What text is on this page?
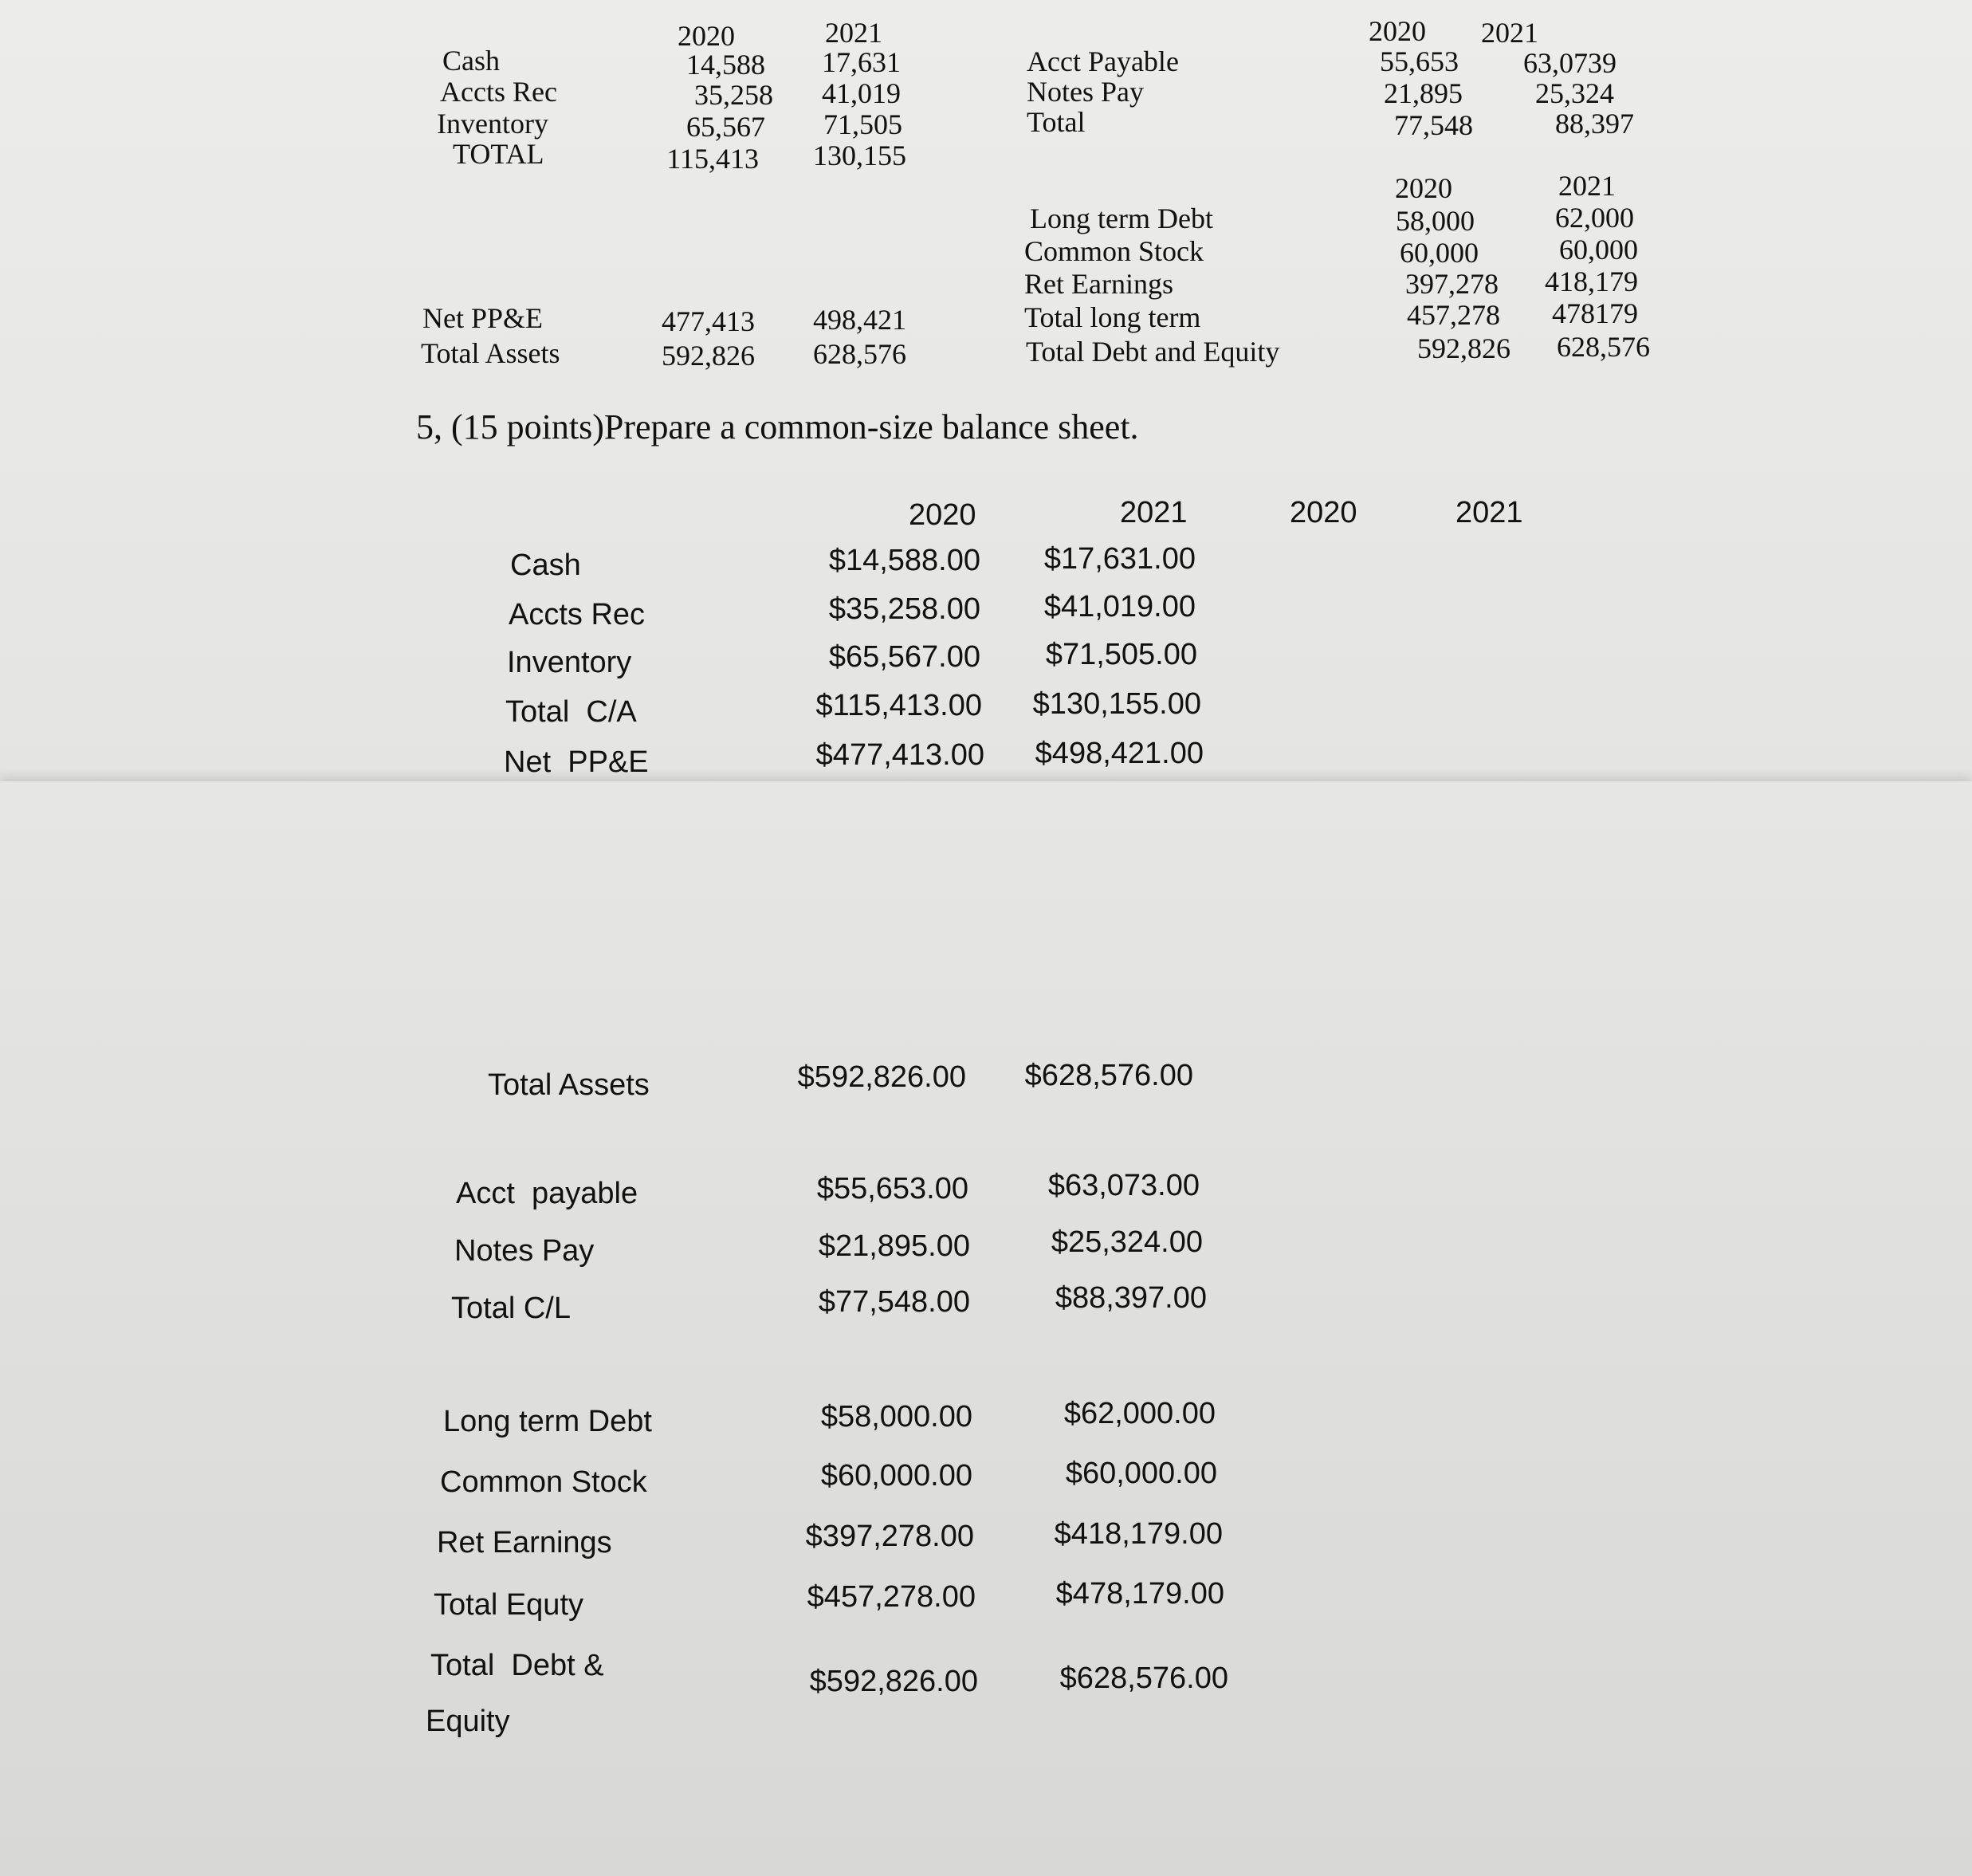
2020	2021
Cash	14,588	17,631
Accts Rec	35,258	41,019
Inventory	65,567	71,505
TOTAL	115,413	130,155
Net PP&E	477,413	498,421
Total Assets	592,826	628,576
2020 2021
Acct Payable	55,653	63,0739
Notes Pay	21,895	25,324
Total	77,548	88,397
2020	2021
Long term Debt	58,000	62,000
Common Stock	60,000	60,000
Ret Earnings	397,278	418,179
Total long term	457,278	478179
Total Debt and Equity	592,826	628,576
5, (15 points)Prepare a common-size balance sheet.
2020	2021	2020	2021
Cash	$14,588.00	$17,631.00
Accts Rec	$35,258.00	$41,019.00
Inventory	$65,567.00	$71,505.00
Total  C/A	$115,413.00	$130,155.00
Net  PP&E	$477,413.00	$498,421.00
Total Assets	$592,826.00	$628,576.00
Acct  payable	$55,653.00	$63,073.00
Notes Pay	$21,895.00	$25,324.00
Total C/L	$77,548.00	$88,397.00
Long term Debt	$58,000.00	$62,000.00
Common Stock	$60,000.00	$60,000.00
Ret Earnings	$397,278.00	$418,179.00
Total Equty	$457,278.00	$478,179.00
Total  Debt &
Equity
$592,826.00	$628,576.00
